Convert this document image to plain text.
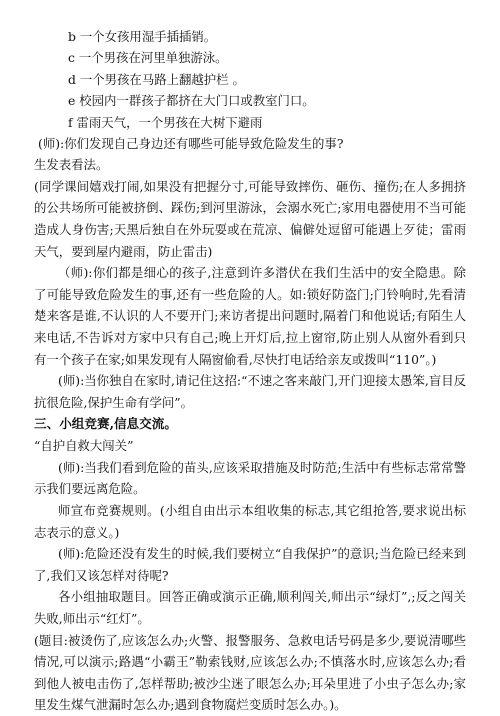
b 一个女孩用湿手插插销。
c 一个男孩在河里单独游泳。
d 一个男孩在马路上翻越护栏 。
e 校园内一群孩子都挤在大门口或教室门口。
f 雷雨天气，一个男孩在大树下避雨
(师):你们发现自己身边还有哪些可能导致危险发生的事?
生发表看法。
(同学课间嬉戏打闹,如果没有把握分寸,可能导致摔伤、砸伤、撞伤;在人多拥挤的公共场所可能被挤倒、踩伤;到河里游泳，会溺水死亡;家用电器使用不当可能造成人身伤害;天黑后独自在外玩耍或在荒凉、偏僻处逗留可能遇上歹徒；雷雨天气，要到屋内避雨，防止雷击)
（师):你们都是细心的孩子,注意到许多潜伏在我们生活中的安全隐患。除了可能导致危险发生的事,还有一些危险的人。如:锁好防盗门;门铃响时,先看清楚来客是谁,不认识的人不要开门;来访者提出问题时,隔着门和他说话;有陌生人来电话,不告诉对方家中只有自己;晚上开灯后,拉上窗帘,防止别人从窗外看到只有一个孩子在家;如果发现有人隔窗偷看,尽快打电话给亲友或拨叫“110”。)
(师):当你独自在家时,请记住这招:“不速之客来敲门,开门迎接太愚笨,盲目反抗很危险,保护生命有学问”。
三、小组竞赛,信息交流。
“自护自救大闯关”
(师):当我们看到危险的苗头,应该采取措施及时防范;生活中有些标志常常警示我们要远离危险。
师宣布竞赛规则。(小组自由出示本组收集的标志,其它组抢答,要求说出标志表示的意义。)
(师):危险还没有发生的时候,我们要树立“自我保护”的意识;当危险已经来到了,我们又该怎样对待呢?
各小组抽取题目。回答正确或演示正确,顺利闯关,师出示“绿灯”,;反之闯关失败,师出示“红灯”。
(题目:被烫伤了,应该怎么办;火警、报警服务、急救电话号码是多少,要说清哪些情况,可以演示;路遇“小霸王”勒索钱财,应该怎么办;不慎落水时,应该怎么办;看到他人被电击伤了,怎样帮助;被沙尘迷了眼怎么办;耳朵里进了小虫子怎么办;家里发生煤气泄漏时怎么办;遇到食物腐烂变质时怎么办。)。
